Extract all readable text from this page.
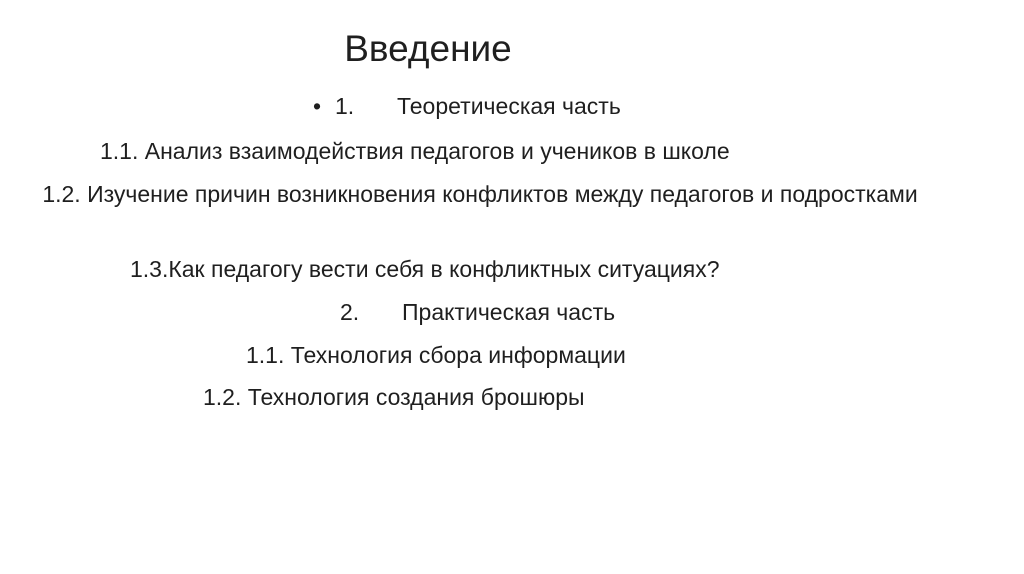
Введение
• 1. Теоретическая часть
1.1. Анализ взаимодействия педагогов и учеников в школе
1.2. Изучение причин возникновения конфликтов между педагогов и подростками
1.3.Как педагогу вести себя в конфликтных ситуациях?
2. Практическая часть
1.1. Технология сбора информации
1.2. Технология создания брошюры
